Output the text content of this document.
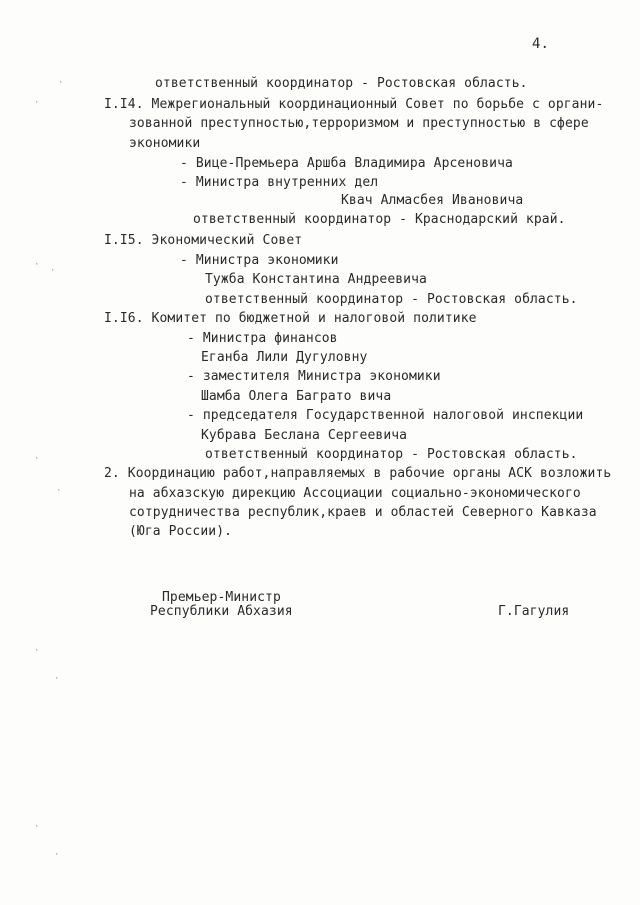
4.
ответственный координатор - Ростовская область.
I.I4. Межрегиональный координационный Совет по борьбе с органи-
зованной преступностью,терроризмом и преступностью в сфере
экономики
- Вице-Премьера Аршба Владимира Арсеновича
- Министра внутренних дел
Квач Алмасбея Ивановича
ответственный координатор - Краснодарский край.
I.I5. Экономический Совет
- Министра экономики
Тужба Константина Андреевича
ответственный координатор - Ростовская область.
I.I6. Комитет по бюджетной и налоговой политике
- Министра финансов
Еганба Лили Дугуловну
- заместителя Министра экономики
Шамба Олега Баграто вича
- председателя Государственной налоговой инспекции
Кубрава Беслана Сергеевича
ответственный координатор - Ростовская область.
2. Координацию работ,направляемых в рабочие органы АСК возложить
на абхазскую дирекцию Ассоциации социально-экономического
сотрудничества республик,краев и областей Северного Кавказа
(Юга России).
Премьер-Министр
Республики Абхазия	Г.Гагулия
·
·
·
·
·
·
·
·
·
·
